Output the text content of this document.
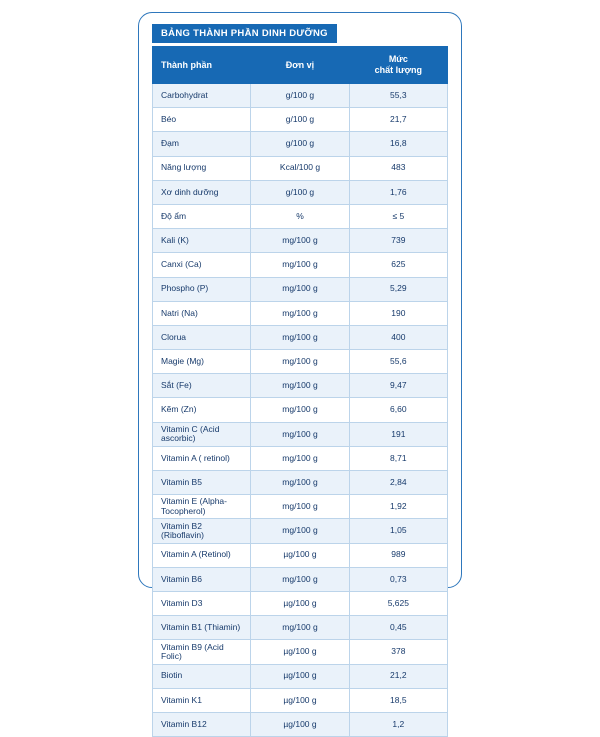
BẢNG THÀNH PHẦN DINH DƯỠNG
Thành phần	Đơn vị	Mức
chất lượng
Carbohydrat	g/100 g	55,3
Béo	g/100 g	21,7
Đạm	g/100 g	16,8
Năng lượng	Kcal/100 g	483
Xơ dinh dưỡng	g/100 g	1,76
Độ ẩm	%	≤ 5
Kali (K)	mg/100 g	739
Canxi (Ca)	mg/100 g	625
Phospho (P)	mg/100 g	5,29
Natri (Na)	mg/100 g	190
Clorua	mg/100 g	400
Magie (Mg)	mg/100 g	55,6
Sắt (Fe)	mg/100 g	9,47
Kẽm (Zn)	mg/100 g	6,60
Vitamin C (Acid ascorbic)	mg/100 g	191
Vitamin A ( retinol)	mg/100 g	8,71
Vitamin B5	mg/100 g	2,84
Vitamin E (Alpha-Tocopherol)	mg/100 g	1,92
Vitamin B2 (Riboflavin)	mg/100 g	1,05
Vitamin A (Retinol)	µg/100 g	989
Vitamin B6	mg/100 g	0,73
Vitamin D3	µg/100 g	5,625
Vitamin B1 (Thiamin)	mg/100 g	0,45
Vitamin B9 (Acid Folic)	µg/100 g	378
Biotin	µg/100 g	21,2
Vitamin K1	µg/100 g	18,5
Vitamin B12	µg/100 g	1,2
